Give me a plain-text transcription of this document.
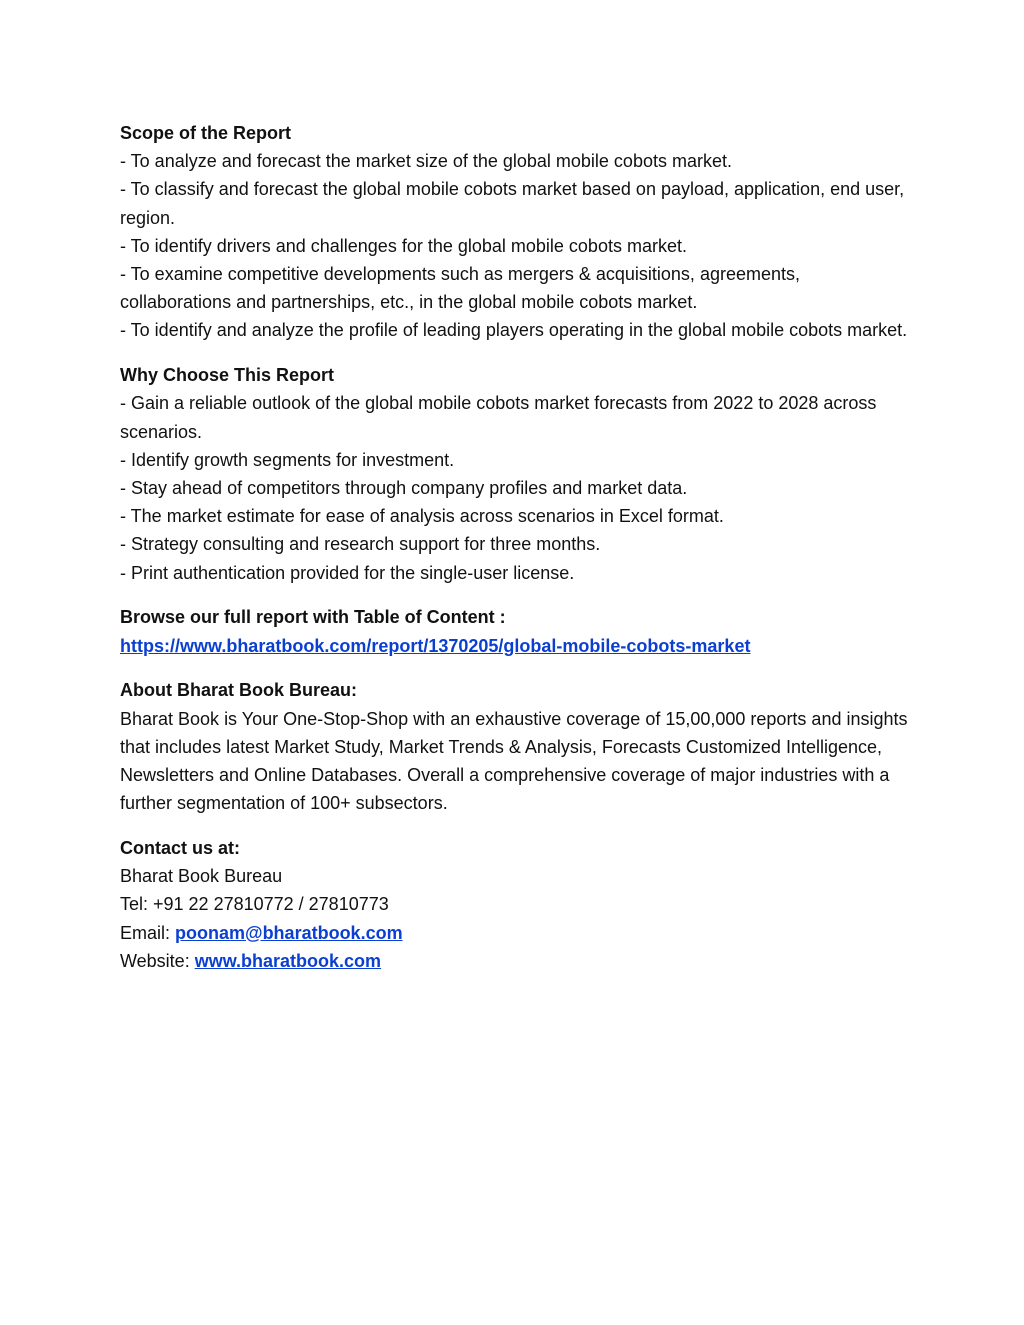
Scope of the Report
- To analyze and forecast the market size of the global mobile cobots market.
- To classify and forecast the global mobile cobots market based on payload, application, end user, region.
- To identify drivers and challenges for the global mobile cobots market.
- To examine competitive developments such as mergers & acquisitions, agreements, collaborations and partnerships, etc., in the global mobile cobots market.
- To identify and analyze the profile of leading players operating in the global mobile cobots market.
Why Choose This Report
- Gain a reliable outlook of the global mobile cobots market forecasts from 2022 to 2028 across scenarios.
- Identify growth segments for investment.
- Stay ahead of competitors through company profiles and market data.
- The market estimate for ease of analysis across scenarios in Excel format.
- Strategy consulting and research support for three months.
- Print authentication provided for the single-user license.
Browse our full report with Table of Content :
https://www.bharatbook.com/report/1370205/global-mobile-cobots-market
About Bharat Book Bureau:
Bharat Book is Your One-Stop-Shop with an exhaustive coverage of 15,00,000 reports and insights that includes latest Market Study, Market Trends & Analysis, Forecasts Customized Intelligence, Newsletters and Online Databases. Overall a comprehensive coverage of major industries with a further segmentation of 100+ subsectors.
Contact us at:
Bharat Book Bureau
Tel: +91 22 27810772 / 27810773
Email: poonam@bharatbook.com
Website: www.bharatbook.com
